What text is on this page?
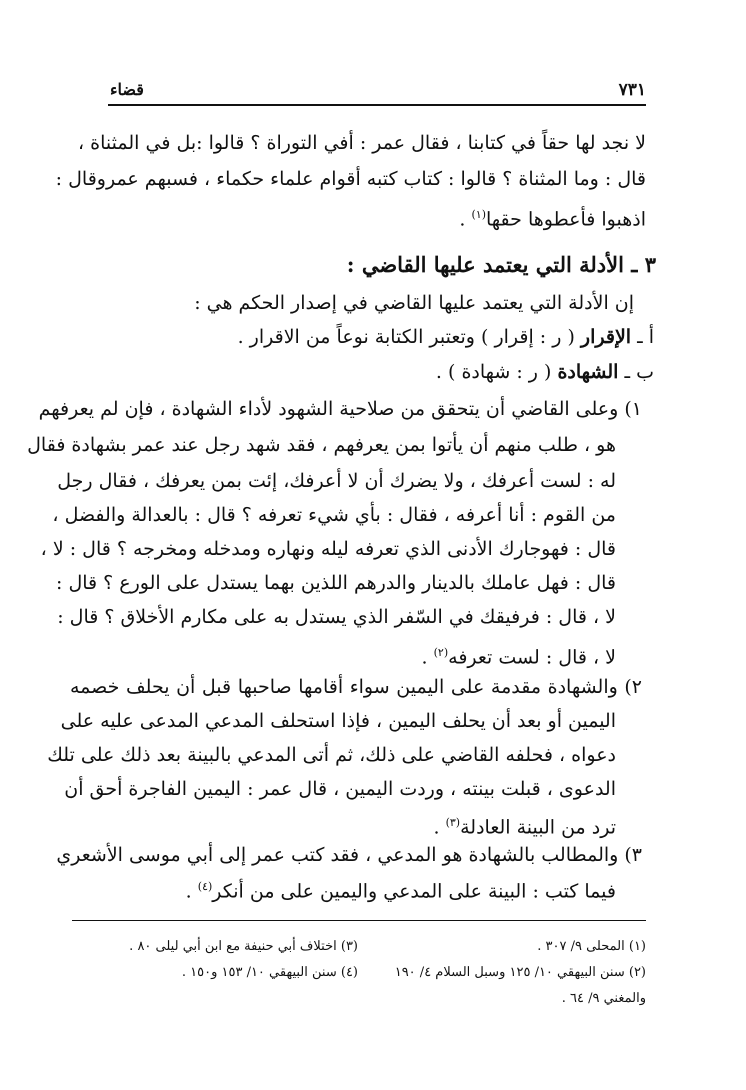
٧٣١
قضاء
لا نجد لها حقاً في كتابنا ، فقال عمر : أفي التوراة ؟ قالوا :بل في المثناة ،
قال : وما المثناة ؟ قالوا : كتاب كتبه أقوام علماء حكماء ، فسبهم عمروقال :
اذهبوا فأعطوها حقها$^{(١)}$ .
٣ ـ الأدلة التي يعتمد عليها القاضي :
إن الأدلة التي يعتمد عليها القاضي في إصدار الحكم هي :
أ ـ الإقرار ( ر : إقرار ) وتعتبر الكتابة نوعاً من الاقرار .
ب ـ الشهادة ( ر : شهادة ) .
١) وعلى القاضي أن يتحقق من صلاحية الشهود لأداء الشهادة ، فإن لم يعرفهم
هو ، طلب منهم أن يأتوا بمن يعرفهم ، فقد شهد رجل عند عمر بشهادة فقال
له : لست أعرفك ، ولا يضرك أن لا أعرفك، إئت بمن يعرفك ، فقال رجل
من القوم : أنا أعرفه ، فقال : بأي شيء تعرفه ؟ قال : بالعدالة والفضل ،
قال : فهوجارك الأدنى الذي تعرفه ليله ونهاره ومدخله ومخرجه ؟ قال : لا ،
قال : فهل عاملك بالدينار والدرهم اللذين بهما يستدل على الورع ؟ قال :
لا ، قال : فرفيقك في السّفر الذي يستدل به على مكارم الأخلاق ؟ قال :
لا ، قال : لست تعرفه$^{(٢)}$ .
٢) والشهادة مقدمة على اليمين سواء أقامها صاحبها قبل أن يحلف خصمه
اليمين أو بعد أن يحلف اليمين ، فإذا استحلف المدعي المدعى عليه على
دعواه ، فحلفه القاضي على ذلك، ثم أتى المدعي بالبينة بعد ذلك على تلك
الدعوى ، قبلت بينته ، وردت اليمين ، قال عمر : اليمين الفاجرة أحق أن
ترد من البينة العادلة$^{(٣)}$ .
٣) والمطالب بالشهادة هو المدعي ، فقد كتب عمر إلى أبي موسى الأشعري
فيما كتب : البينة على المدعي واليمين على من أنكر$^{(٤)}$ .
(١) المحلى ٩/ ٣٠٧ .
(٢) سنن البيهقي ١٠/ ١٢٥ وسبل السلام ٤/ ١٩٠
والمغني ٩/ ٦٤ .
(٣) اختلاف أبي حنيفة مع ابن أبي ليلى ٨٠ .
(٤) سنن البيهقي ١٠/ ١٥٣ و١٥٠ .
